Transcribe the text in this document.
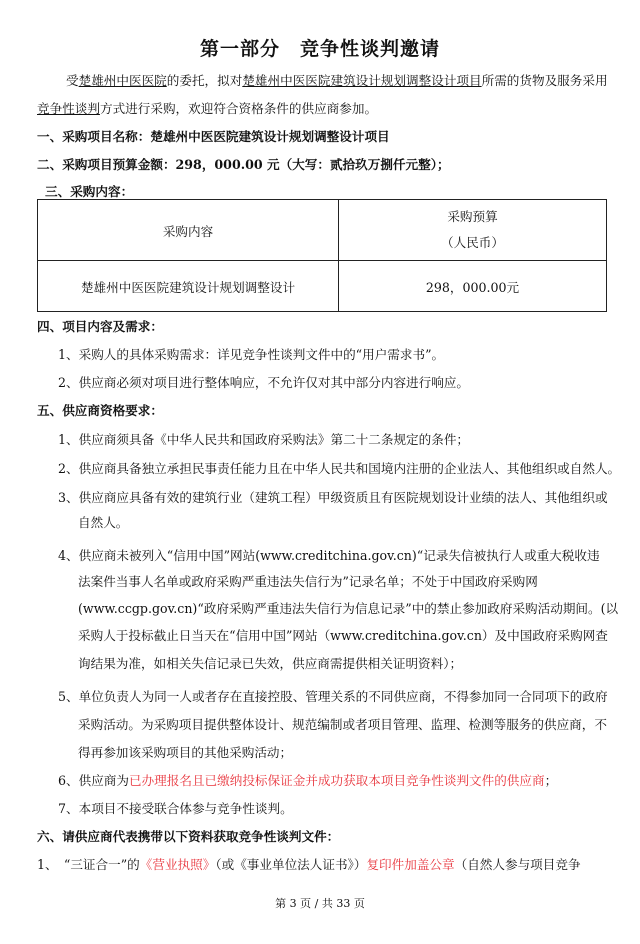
第一部分　竞争性谈判邀请
受楚雄州中医医院的委托，拟对楚雄州中医医院建筑设计规划调整设计项目所需的货物及服务采用
竞争性谈判方式进行采购，欢迎符合资格条件的供应商参加。
一、采购项目名称：楚雄州中医医院建筑设计规划调整设计项目
二、采购项目预算金额：298，000.00 元（大写：贰拾玖万捌仟元整）；
三、采购内容：
采购内容	采购预算
（人民币）

楚雄州中医医院建筑设计规划调整设计	298，000.00元
四、项目内容及需求：
1、采购人的具体采购需求：详见竞争性谈判文件中的“用户需求书”。
2、供应商必须对项目进行整体响应，不允许仅对其中部分内容进行响应。
五、供应商资格要求：
1、供应商须具备《中华人民共和国政府采购法》第二十二条规定的条件；
2、供应商具备独立承担民事责任能力且在中华人民共和国境内注册的企业法人、其他组织或自然人。
3、供应商应具备有效的建筑行业（建筑工程）甲级资质且有医院规划设计业绩的法人、其他组织或
自然人。
4、供应商未被列入“信用中国”网站(www.creditchina.gov.cn)“记录失信被执行人或重大税收违
法案件当事人名单或政府采购严重违法失信行为”记录名单；不处于中国政府采购网
(www.ccgp.gov.cn)“政府采购严重违法失信行为信息记录”中的禁止参加政府采购活动期间。(以
采购人于投标截止日当天在“信用中国”网站（www.creditchina.gov.cn）及中国政府采购网查
询结果为准，如相关失信记录已失效，供应商需提供相关证明资料）；
5、单位负责人为同一人或者存在直接控股、管理关系的不同供应商，不得参加同一合同项下的政府
采购活动。为采购项目提供整体设计、规范编制或者项目管理、监理、检测等服务的供应商，不
得再参加该采购项目的其他采购活动；
6、供应商为已办理报名且已缴纳投标保证金并成功获取本项目竞争性谈判文件的供应商；
7、本项目不接受联合体参与竞争性谈判。
六、请供应商代表携带以下资料获取竞争性谈判文件：
1、　“三证合一”的《营业执照》（或《事业单位法人证书》）复印件加盖公章（自然人参与项目竞争
第 3 页 / 共 33 页
